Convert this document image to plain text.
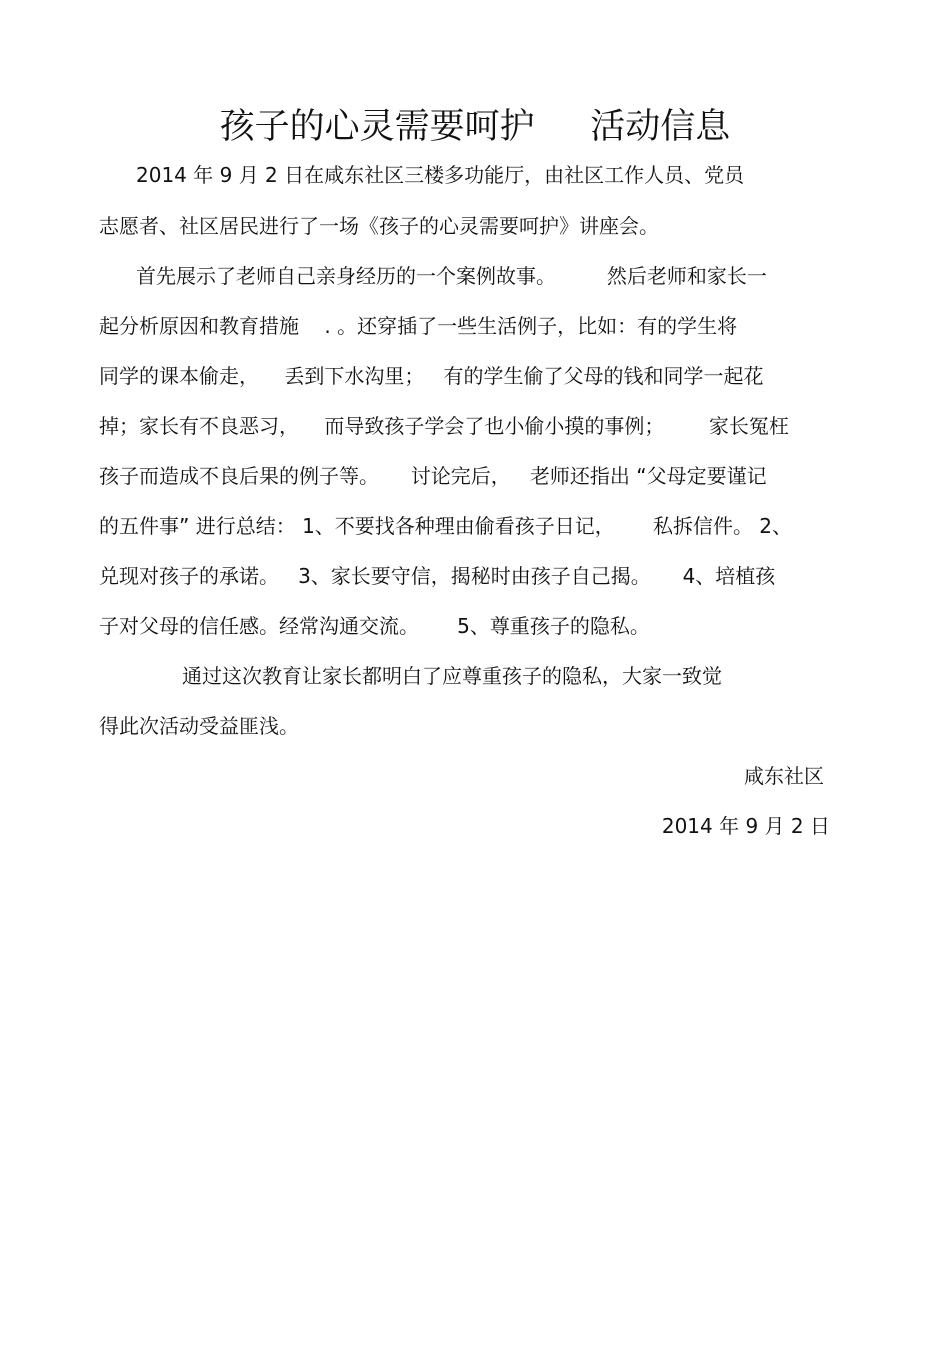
孩子的心灵需要呵护     活动信息
2014 年 9 月 2 日在咸东社区三楼多功能厅，由社区工作人员、党员
志愿者、社区居民进行了一场《孩子的心灵需要呵护》讲座会。
首先展示了老师自己亲身经历的一个案例故事。        然后老师和家长一
起分析原因和教育措施    . 。还穿插了一些生活例子，比如：有的学生将
同学的课本偷走，    丢到下水沟里；   有的学生偷了父母的钱和同学一起花
掉；家长有不良恶习，    而导致孩子学会了也小偷小摸的事例；       家长冤枉
孩子而造成不良后果的例子等。     讨论完后，   老师还指出 “父母定要谨记
的五件事” 进行总结： 1、不要找各种理由偷看孩子日记，      私拆信件。 2、
兑现对孩子的承诺。   3、家长要守信，揭秘时由孩子自己揭。     4、培植孩
子对父母的信任感。经常沟通交流。      5、尊重孩子的隐私。
通过这次教育让家长都明白了应尊重孩子的隐私，大家一致觉
得此次活动受益匪浅。
咸东社区
2014 年 9 月 2 日
